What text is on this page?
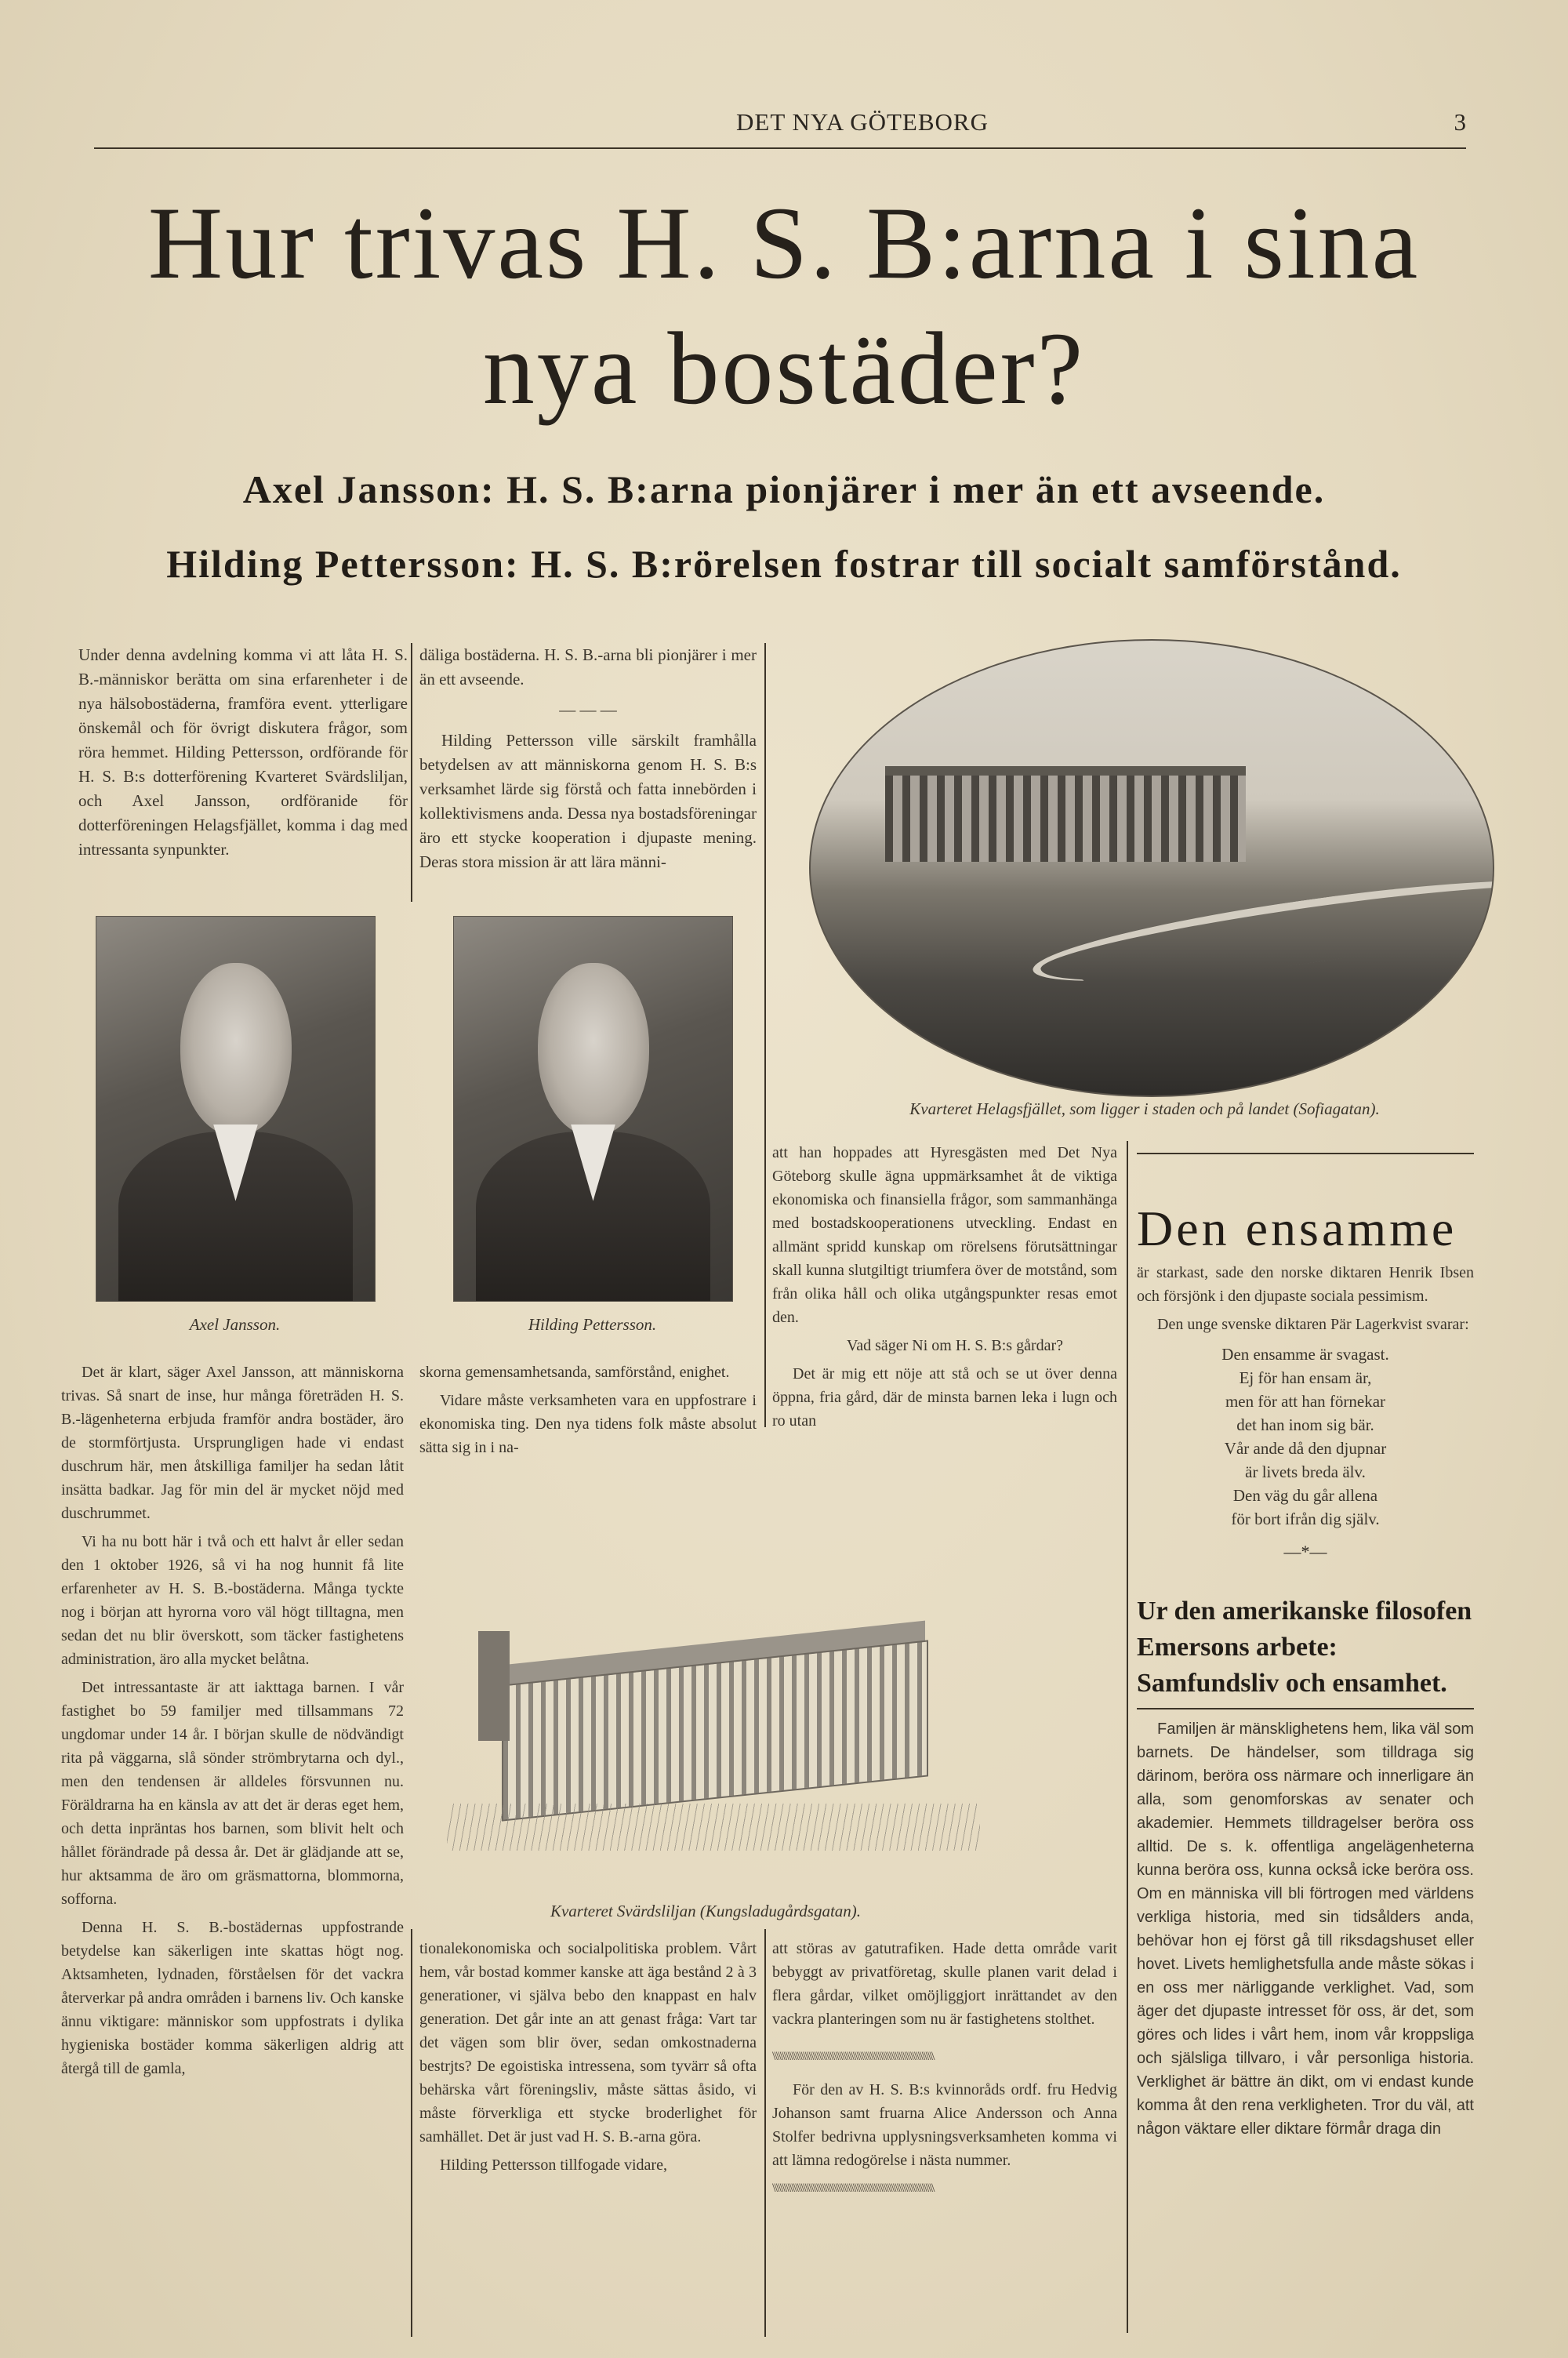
DET NYA GÖTEBORG	3
Hur trivas H. S. B:arna i sina
nya bostäder?
Axel Jansson: H. S. B:arna pionjärer i mer än ett avseende.
Hilding Pettersson: H. S. B:rörelsen fostrar till socialt samförstånd.

Under denna avdelning komma vi att låta H. S. B.-människor berätta om sina erfarenheter i de nya hälsobostäderna, framföra event. ytterligare önskemål och för övrigt diskutera frågor, som röra hemmet. Hilding Pettersson, ordförande för H. S. B:s dotterförening Kvarteret Svärdsliljan, och Axel Jansson, ordföranide för dotterföreningen Helagsfjället, komma i dag med intressanta synpunkter.

däliga bostäderna. H. S. B.-arna bli pionjärer i mer än ett avseende.

— — —

Hilding Pettersson ville särskilt framhålla betydelsen av att människorna genom H. S. B:s verksamhet lärde sig förstå och fatta innebörden i kollektivismens anda. Dessa nya bostadsföreningar äro ett stycke kooperation i djupaste mening. Deras stora mission är att lära männi-

Axel Jansson.	Hilding Pettersson.
Kvarteret Helagsfjället, som ligger i staden och på landet (Sofiagatan).

Det är klart, säger Axel Jansson, att människorna trivas. Så snart de inse, hur många företräden H. S. B.-lägenheterna erbjuda framför andra bostäder, äro de stormförtjusta. Ursprungligen hade vi endast duschrum här, men åtskilliga familjer ha sedan låtit insätta badkar. Jag för min del är mycket nöjd med duschrummet.

Vi ha nu bott här i två och ett halvt år eller sedan den 1 oktober 1926, så vi ha nog hunnit få lite erfarenheter av H. S. B.-bostäderna. Många tyckte nog i början att hyrorna voro väl högt tilltagna, men sedan det nu blir överskott, som täcker fastighetens administration, äro alla mycket belåtna.

Det intressantaste är att iakttaga barnen. I vår fastighet bo 59 familjer med tillsammans 72 ungdomar under 14 år. I början skulle de nödvändigt rita på väggarna, slå sönder strömbrytarna och dyl., men den tendensen är alldeles försvunnen nu. Föräldrarna ha en känsla av att det är deras eget hem, och detta inpräntas hos barnen, som blivit helt och hållet förändrade på dessa år. Det är glädjande att se, hur aktsamma de äro om gräsmattorna, blommorna, sofforna.

Denna H. S. B.-bostädernas uppfostrande betydelse kan säkerligen inte skattas högt nog. Aktsamheten, lydnaden, förståelsen för det vackra återverkar på andra områden i barnens liv. Och kanske ännu viktigare: människor som uppfostrats i dylika hygieniska bostäder komma säkerligen aldrig att återgå till de gamla,

skorna gemensamhetsanda, samförstånd, enighet.

Vidare måste verksamheten vara en uppfostrare i ekonomiska ting. Den nya tidens folk måste absolut sätta sig in i na-

att han hoppades att Hyresgästen med Det Nya Göteborg skulle ägna uppmärksamhet åt de viktiga ekonomiska och finansiella frågor, som sammanhänga med bostadskooperationens utveckling. Endast en allmänt spridd kunskap om rörelsens förutsättningar skall kunna slutgiltigt triumfera över de motstånd, som från olika håll och olika utgångspunkter resas emot den.

Vad säger Ni om H. S. B:s gårdar?

Det är mig ett nöje att stå och se ut över denna öppna, fria gård, där de minsta barnen leka i lugn och ro utan

Kvarteret Svärdsliljan (Kungsladugårdsgatan).

tionalekonomiska och socialpolitiska problem. Vårt hem, vår bostad kommer kanske att äga bestånd 2 à 3 generationer, vi själva bebo den knappast en halv generation. Det går inte an att genast fråga: Vart tar det vägen som blir över, sedan omkostnaderna bestrjts? De egoistiska intressena, som tyvärr så ofta behärska vårt föreningsliv, måste sättas åsido, vi måste förverkliga ett stycke broderlighet för samhället. Det är just vad H. S. B.-arna göra.

Hilding Pettersson tillfogade vidare,

att störas av gatutrafiken. Hade detta område varit bebyggt av privatföretag, skulle planen varit delad i flera gårdar, vilket omöjliggjort inrättandet av den vackra planteringen som nu är fastighetens stolthet.

\\\\\\\\\\\\\\\\\\\\\\\\\\\\\\\\\\\\\\\\\\\\\\\\\\\\\\\\\\\\\\\\\\\\\\\\\\\\\\\\\\\\

För den av H. S. B:s kvinnoråds ordf. fru Hedvig Johanson samt fruarna Alice Andersson och Anna Stolfer bedrivna upplysningsverksamheten komma vi att lämna redogörelse i nästa nummer.

\\\\\\\\\\\\\\\\\\\\\\\\\\\\\\\\\\\\\\\\\\\\\\\\\\\\\\\\\\\\\\\\\\\\\\\\\\\\\\\\\\\\
Den ensamme

är starkast, sade den norske diktaren Henrik Ibsen och försjönk i den djupaste sociala pessimism.

Den unge svenske diktaren Pär Lagerkvist svarar:

Den ensamme är svagast.
Ej för han ensam är,
men för att han förnekar
det han inom sig bär.
Vår ande då den djupnar
är livets breda älv.
Den väg du går allena
för bort ifrån dig själv.
—*—
Ur den amerikanske filosofen Emersons arbete: Samfundsliv och ensamhet.

Familjen är mänsklighetens hem, lika väl som barnets. De händelser, som tilldraga sig därinom, beröra oss närmare och innerligare än alla, som genomforskas av senater och akademier. Hemmets tilldragelser beröra oss alltid. De s. k. offentliga angelägenheterna kunna beröra oss, kunna också icke beröra oss. Om en människa vill bli förtrogen med världens verkliga historia, med sin tidsålders anda, behövar hon ej först gå till riksdagshuset eller hovet. Livets hemlighetsfulla ande måste sökas i en oss mer närliggande verklighet. Vad, som äger det djupaste intresset för oss, är det, som göres och lides i vårt hem, inom vår kroppsliga och själsliga tillvaro, i vår personliga historia. Verklighet är bättre än dikt, om vi endast kunde komma åt den rena verkligheten. Tror du väl, att någon väktare eller diktare förmår draga din
